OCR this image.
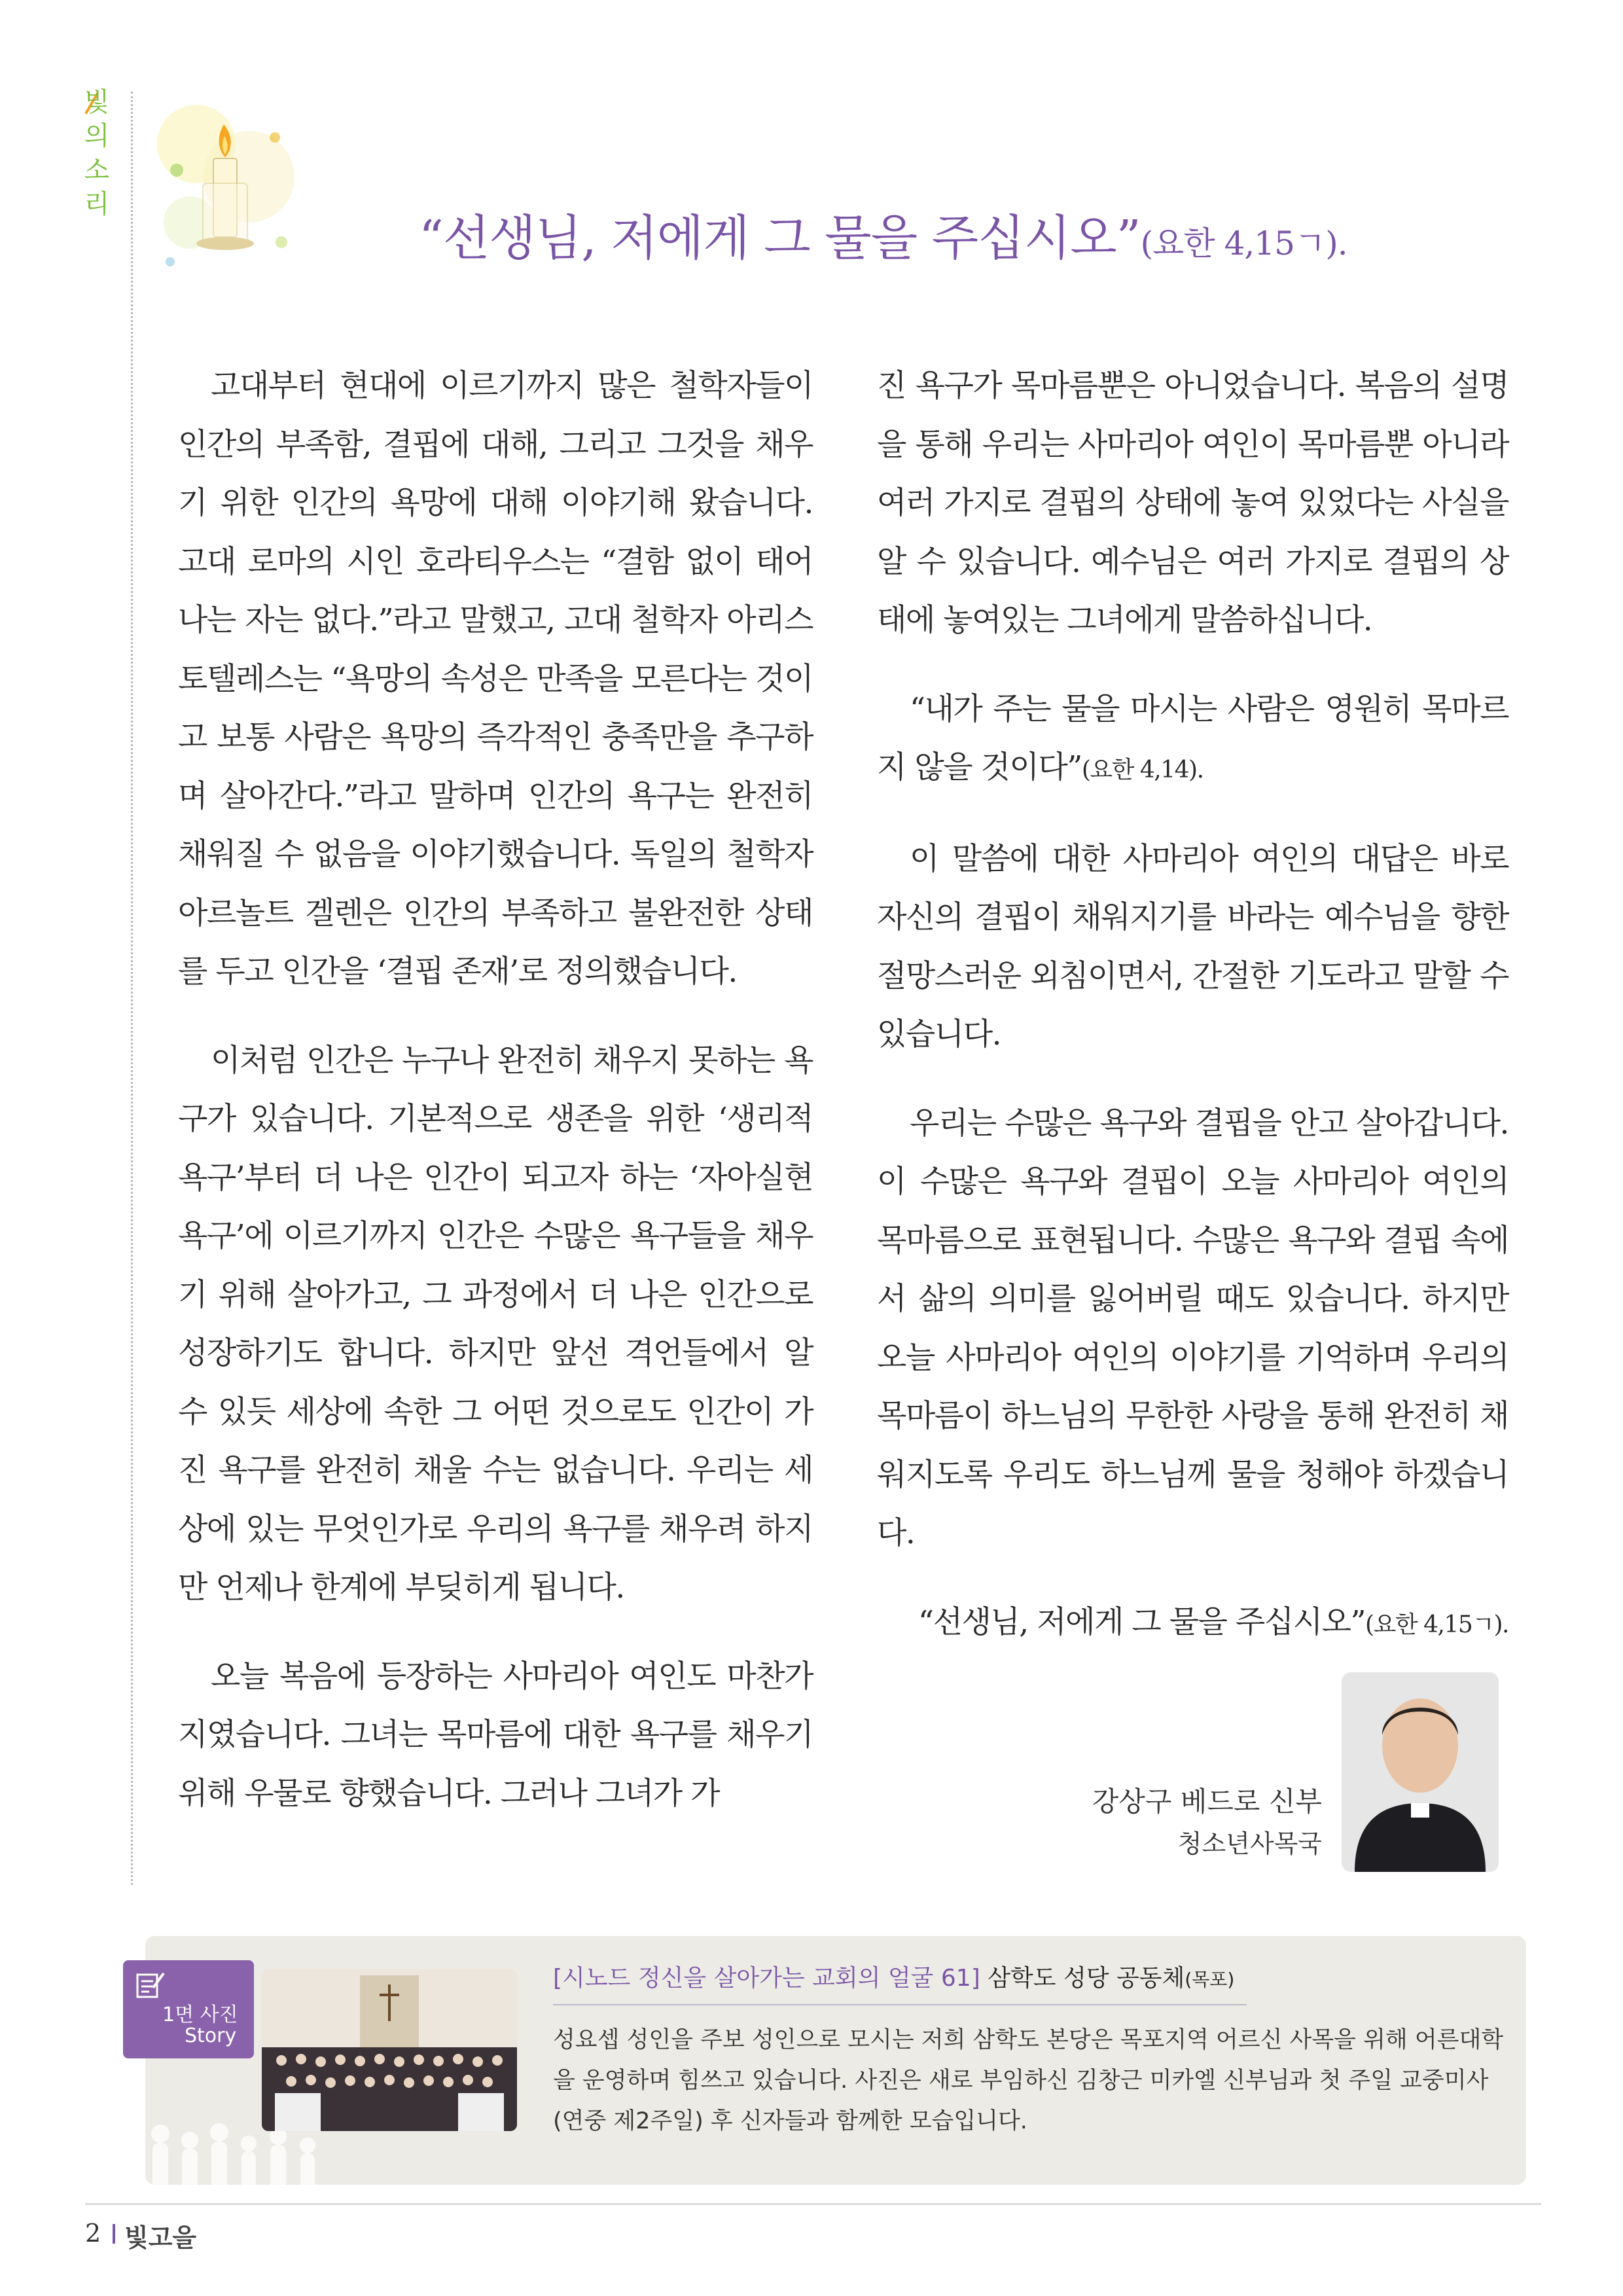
빛
의
소
리
“선생님, 저에게 그 물을 주십시오”(요한 4,15ㄱ).

고대부터 현대에 이르기까지 많은 철학자들이 인간의 부족함, 결핍에 대해, 그리고 그것을 채우기 위한 인간의 욕망에 대해 이야기해 왔습니다. 고대 로마의 시인 호라티우스는 “결함 없이 태어나는 자는 없다.”라고 말했고, 고대 철학자 아리스토텔레스는 “욕망의 속성은 만족을 모른다는 것이고 보통 사람은 욕망의 즉각적인 충족만을 추구하며 살아간다.”라고 말하며 인간의 욕구는 완전히 채워질 수 없음을 이야기했습니다. 독일의 철학자 아르놀트 겔렌은 인간의 부족하고 불완전한 상태를 두고 인간을 ‘결핍 존재’로 정의했습니다.

이처럼 인간은 누구나 완전히 채우지 못하는 욕구가 있습니다. 기본적으로 생존을 위한 ‘생리적 욕구’부터 더 나은 인간이 되고자 하는 ‘자아실현 욕구’에 이르기까지 인간은 수많은 욕구들을 채우기 위해 살아가고, 그 과정에서 더 나은 인간으로 성장하기도 합니다. 하지만 앞선 격언들에서 알 수 있듯 세상에 속한 그 어떤 것으로도 인간이 가진 욕구를 완전히 채울 수는 없습니다. 우리는 세상에 있는 무엇인가로 우리의 욕구를 채우려 하지만 언제나 한계에 부딪히게 됩니다.

오늘 복음에 등장하는 사마리아 여인도 마찬가지였습니다. 그녀는 목마름에 대한 욕구를 채우기 위해 우물로 향했습니다. 그러나 그녀가 가

진 욕구가 목마름뿐은 아니었습니다. 복음의 설명을 통해 우리는 사마리아 여인이 목마름뿐 아니라 여러 가지로 결핍의 상태에 놓여 있었다는 사실을 알 수 있습니다. 예수님은 여러 가지로 결핍의 상태에 놓여있는 그녀에게 말씀하십니다.

“내가 주는 물을 마시는 사람은 영원히 목마르지 않을 것이다”(요한 4,14).

이 말씀에 대한 사마리아 여인의 대답은 바로 자신의 결핍이 채워지기를 바라는 예수님을 향한 절망스러운 외침이면서, 간절한 기도라고 말할 수 있습니다.

우리는 수많은 욕구와 결핍을 안고 살아갑니다. 이 수많은 욕구와 결핍이 오늘 사마리아 여인의 목마름으로 표현됩니다. 수많은 욕구와 결핍 속에서 삶의 의미를 잃어버릴 때도 있습니다. 하지만 오늘 사마리아 여인의 이야기를 기억하며 우리의 목마름이 하느님의 무한한 사랑을 통해 완전히 채워지도록 우리도 하느님께 물을 청해야 하겠습니다.

“선생님, 저에게 그 물을 주십시오”(요한 4,15ㄱ).

강상구 베드로 신부
청소년사목국
1면 사진
Story
[시노드 정신을 살아가는 교회의 얼굴 61] 삼학도 성당 공동체(목포)
성요셉 성인을 주보 성인으로 모시는 저희 삼학도 본당은 목포지역 어르신 사목을 위해 어른대학을 운영하며 힘쓰고 있습니다. 사진은 새로 부임하신 김창근 미카엘 신부님과 첫 주일 교중미사(연중 제2주일) 후 신자들과 함께한 모습입니다.
2 빛고을
